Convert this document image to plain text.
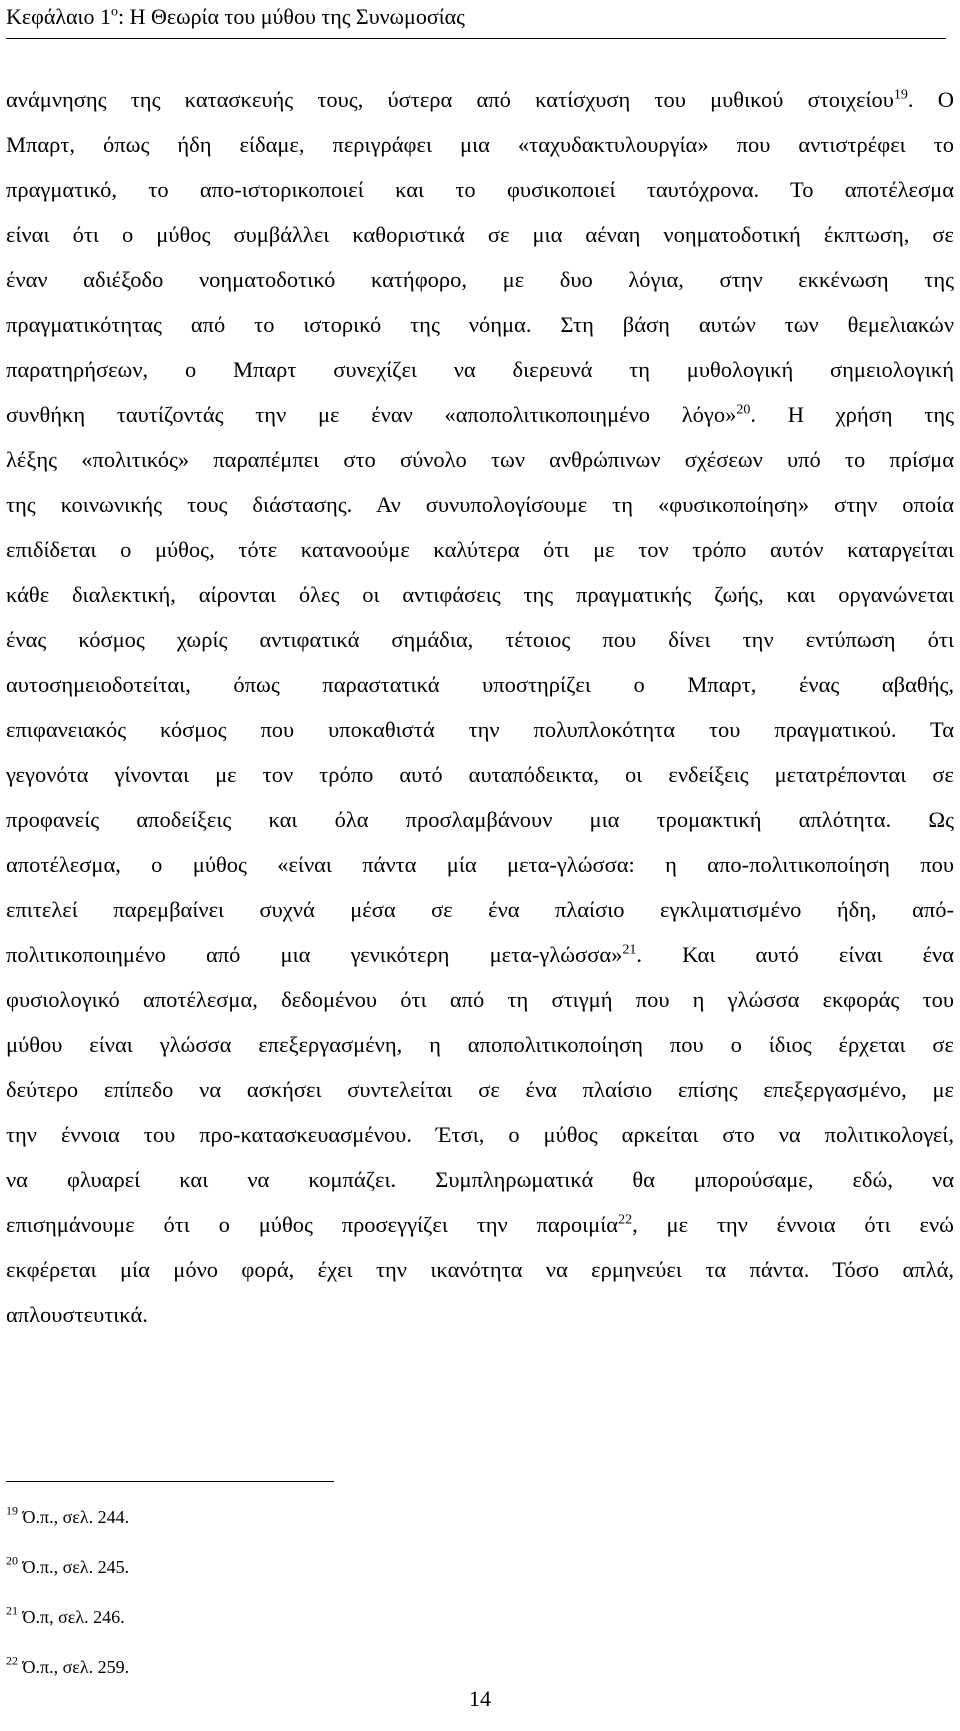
Κεφάλαιο $1^o$: Η Θεωρία του μύθου της Συνωμοσίας
ανάμνησης της κατασκευής τους, ύστερα από κατίσχυση του μυθικού στοιχείου$^{19}$. Ο
Μπαρτ, όπως ήδη είδαμε, περιγράφει μια «ταχυδακτυλουργία» που αντιστρέφει το
πραγματικό, το απο-ιστορικοποιεί και το φυσικοποιεί ταυτόχρονα. Το αποτέλεσμα
είναι ότι ο μύθος συμβάλλει καθοριστικά σε μια αέναη νοηματοδοτική έκπτωση, σε
έναν αδιέξοδο νοηματοδοτικό κατήφορο, με δυο λόγια, στην εκκένωση της
πραγματικότητας από το ιστορικό της νόημα. Στη βάση αυτών των θεμελιακών
παρατηρήσεων, ο Μπαρτ συνεχίζει να διερευνά τη μυθολογική σημειολογική
συνθήκη ταυτίζοντάς την με έναν «αποπολιτικοποιημένο λόγο»$^{20}$. Η χρήση της
λέξης «πολιτικός» παραπέμπει στο σύνολο των ανθρώπινων σχέσεων υπό το πρίσμα
της κοινωνικής τους διάστασης. Αν συνυπολογίσουμε τη «φυσικοποίηση» στην οποία
επιδίδεται ο μύθος, τότε κατανοούμε καλύτερα ότι με τον τρόπο αυτόν καταργείται
κάθε διαλεκτική, αίρονται όλες οι αντιφάσεις της πραγματικής ζωής, και οργανώνεται
ένας κόσμος χωρίς αντιφατικά σημάδια, τέτοιος που δίνει την εντύπωση ότι
αυτοσημειοδοτείται, όπως παραστατικά υποστηρίζει ο Μπαρτ, ένας αβαθής,
επιφανειακός κόσμος που υποκαθιστά την πολυπλοκότητα του πραγματικού. Τα
γεγονότα γίνονται με τον τρόπο αυτό αυταπόδεικτα, οι ενδείξεις μετατρέπονται σε
προφανείς αποδείξεις και όλα προσλαμβάνουν μια τρομακτική απλότητα. Ως
αποτέλεσμα, ο μύθος «είναι πάντα μία μετα-γλώσσα: η απο-πολιτικοποίηση που
επιτελεί παρεμβαίνει συχνά μέσα σε ένα πλαίσιο εγκλιματισμένο ήδη, από-
πολιτικοποιημένο από μια γενικότερη μετα-γλώσσα»$^{21}$. Και αυτό είναι ένα
φυσιολογικό αποτέλεσμα, δεδομένου ότι από τη στιγμή που η γλώσσα εκφοράς του
μύθου είναι γλώσσα επεξεργασμένη, η αποπολιτικοποίηση που ο ίδιος έρχεται σε
δεύτερο επίπεδο να ασκήσει συντελείται σε ένα πλαίσιο επίσης επεξεργασμένο, με
την έννοια του προ-κατασκευασμένου. Έτσι, ο μύθος αρκείται στο να πολιτικολογεί,
να φλυαρεί και να κομπάζει. Συμπληρωματικά θα μπορούσαμε, εδώ, να
επισημάνουμε ότι ο μύθος προσεγγίζει την παροιμία$^{22}$, με την έννοια ότι ενώ
εκφέρεται μία μόνο φορά, έχει την ικανότητα να ερμηνεύει τα πάντα. Τόσο απλά,
απλουστευτικά.
$^{19}$ Ό.π., σελ. 244.
$^{20}$ Ό.π., σελ. 245.
$^{21}$ Ό.π, σελ. 246.
$^{22}$ Ό.π., σελ. 259.
14
